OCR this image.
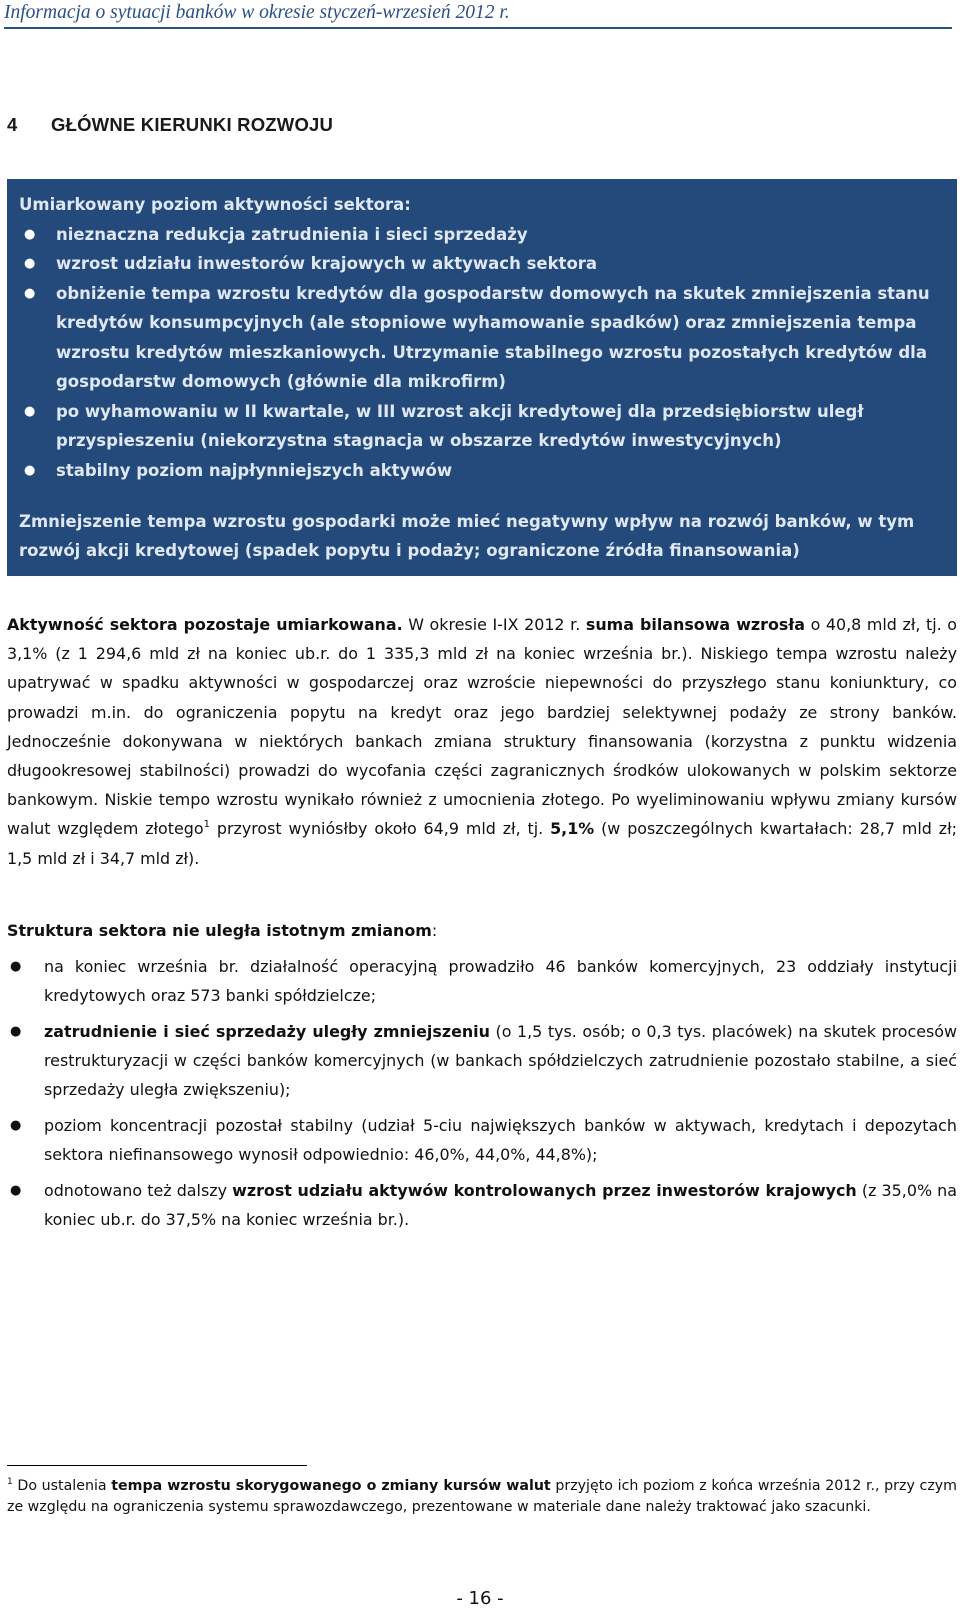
Informacja o sytuacji banków w okresie styczeń-wrzesień 2012 r.
4 GŁÓWNE KIERUNKI ROZWOJU
Umiarkowany poziom aktywności sektora:
● nieznaczna redukcja zatrudnienia i sieci sprzedaży
● wzrost udziału inwestorów krajowych w aktywach sektora
● obniżenie tempa wzrostu kredytów dla gospodarstw domowych na skutek zmniejszenia stanu kredytów konsumpcyjnych (ale stopniowe wyhamowanie spadków) oraz zmniejszenia tempa wzrostu kredytów mieszkaniowych. Utrzymanie stabilnego wzrostu pozostałych kredytów dla gospodarstw domowych (głównie dla mikrofirm)
● po wyhamowaniu w II kwartale, w III wzrost akcji kredytowej dla przedsiębiorstw uległ przyspieszeniu (niekorzystna stagnacja w obszarze kredytów inwestycyjnych)
● stabilny poziom najpłynniejszych aktywów
Zmniejszenie tempa wzrostu gospodarki może mieć negatywny wpływ na rozwój banków, w tym rozwój akcji kredytowej (spadek popytu i podaży; ograniczone źródła finansowania)

Aktywność sektora pozostaje umiarkowana. W okresie I-IX 2012 r. suma bilansowa wzrosła o 40,8 mld zł, tj. o 3,1% (z 1 294,6 mld zł na koniec ub.r. do 1 335,3 mld zł na koniec września br.). Niskiego tempa wzrostu należy upatrywać w spadku aktywności w gospodarczej oraz wzroście niepewności do przyszłego stanu koniunktury, co prowadzi m.in. do ograniczenia popytu na kredyt oraz jego bardziej selektywnej podaży ze strony banków. Jednocześnie dokonywana w niektórych bankach zmiana struktury finansowania (korzystna z punktu widzenia długookresowej stabilności) prowadzi do wycofania części zagranicznych środków ulokowanych w polskim sektorze bankowym. Niskie tempo wzrostu wynikało również z umocnienia złotego. Po wyeliminowaniu wpływu zmiany kursów walut względem złotego$^1$ przyrost wyniósłby około 64,9 mld zł, tj. 5,1% (w poszczególnych kwartałach: 28,7 mld zł; 1,5 mld zł i 34,7 mld zł).

Struktura sektora nie uległa istotnym zmianom:

● na koniec września br. działalność operacyjną prowadziło 46 banków komercyjnych, 23 oddziały instytucji kredytowych oraz 573 banki spółdzielcze;
● zatrudnienie i sieć sprzedaży uległy zmniejszeniu (o 1,5 tys. osób; o 0,3 tys. placówek) na skutek procesów restrukturyzacji w części banków komercyjnych (w bankach spółdzielczych zatrudnienie pozostało stabilne, a sieć sprzedaży uległa zwiększeniu);
● poziom koncentracji pozostał stabilny (udział 5-ciu największych banków w aktywach, kredytach i depozytach sektora niefinansowego wynosił odpowiednio: 46,0%, 44,0%, 44,8%);
● odnotowano też dalszy wzrost udziału aktywów kontrolowanych przez inwestorów krajowych (z 35,0% na koniec ub.r. do 37,5% na koniec września br.).

$^1$ Do ustalenia tempa wzrostu skorygowanego o zmiany kursów walut przyjęto ich poziom z końca września 2012 r., przy czym ze względu na ograniczenia systemu sprawozdawczego, prezentowane w materiale dane należy traktować jako szacunki.

- 16 -
